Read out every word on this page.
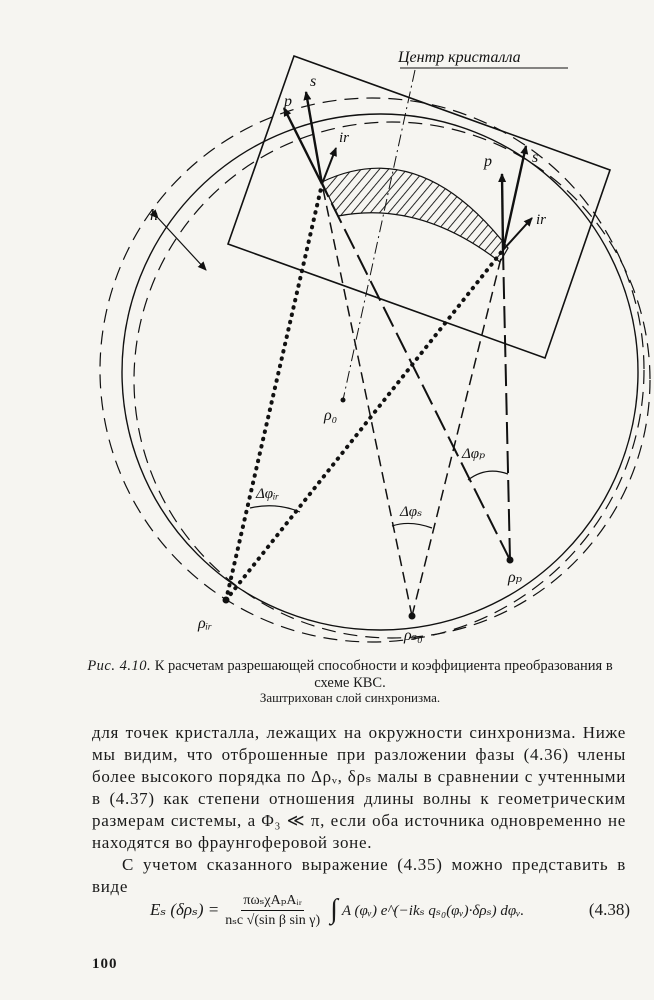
Центр кристалла
p
s
ir
p	s
ir
h
ρ₀
Δφₚ
Δφₛ
Δφᵢᵣ
ρₚ
ρₛ₀
ρᵢᵣ
Рис. 4.10. К расчетам разрешающей способности и коэффициента преобразования в схеме КВС.
Заштрихован слой синхронизма.

для точек кристалла, лежащих на окружности синхронизма. Ниже мы видим, что отброшенные при разложении фазы (4.36) члены более высокого порядка по Δρᵥ, δρₛ малы в сравнении с учтенными в (4.37) как степени отношения длины волны к геометрическим размерам системы, а Φ₃ ≪ π, если оба источника одновременно не находятся во фраунгоферовой зоне.

С учетом сказанного выражение (4.35) можно представить в виде

Eₛ $(\delta\rho_s) = \frac{\text{πωₛχAₚAᵢᵣ}}{\text{nₛc √(sin β sin γ)}}$ ∫ A (φᵥ) e^(−ikₛ qₛ₀(φᵥ)·δρₛ) dφᵥ.	(4.38)
100
